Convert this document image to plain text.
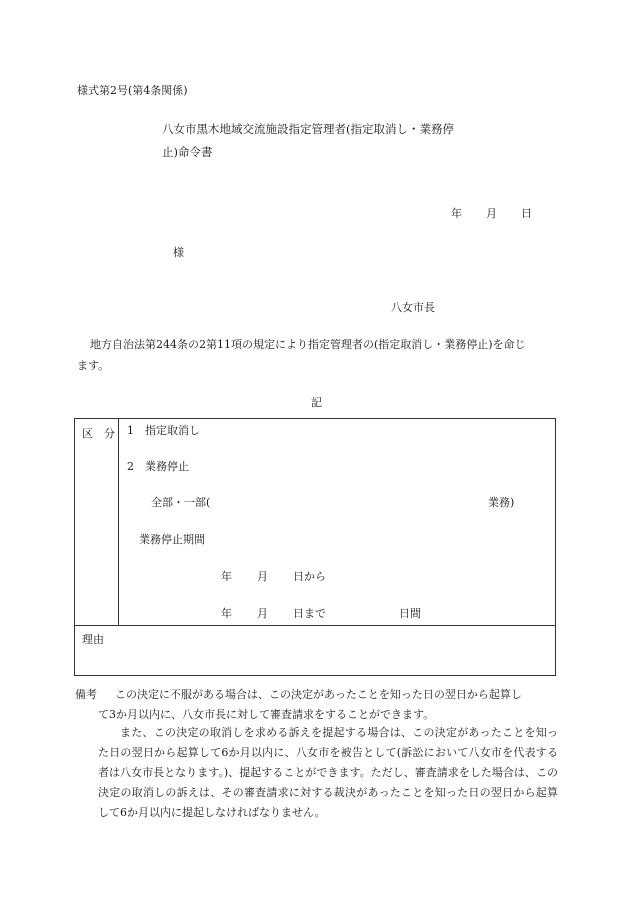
様式第2号(第4条関係)
八女市黒木地域交流施設指定管理者(指定取消し・業務停
止)命令書
年 月 日
様
八女市長
地方自治法第244条の2第11項の規定により指定管理者の(指定取消し・業務停止)を命じ
ます。
記
区　分 1　指定取消し
2　業務停止
全部・一部(	業務)
業務停止期間
年 月 日から
年 月 日まで	日間
理由
備考 この決定に不服がある場合は、この決定があったことを知った日の翌日から起算し
て3か月以内に、八女市長に対して審査請求をすることができます。
また、この決定の取消しを求める訴えを提起する場合は、この決定があったことを知った日の翌日から起算して6か月以内に、八女市を被告として(訴訟において八女市を代表する者は八女市長となります。)、提起することができます。ただし、審査請求をした場合は、この決定の取消しの訴えは、その審査請求に対する裁決があったことを知った日の翌日から起算して6か月以内に提起しなければなりません。
